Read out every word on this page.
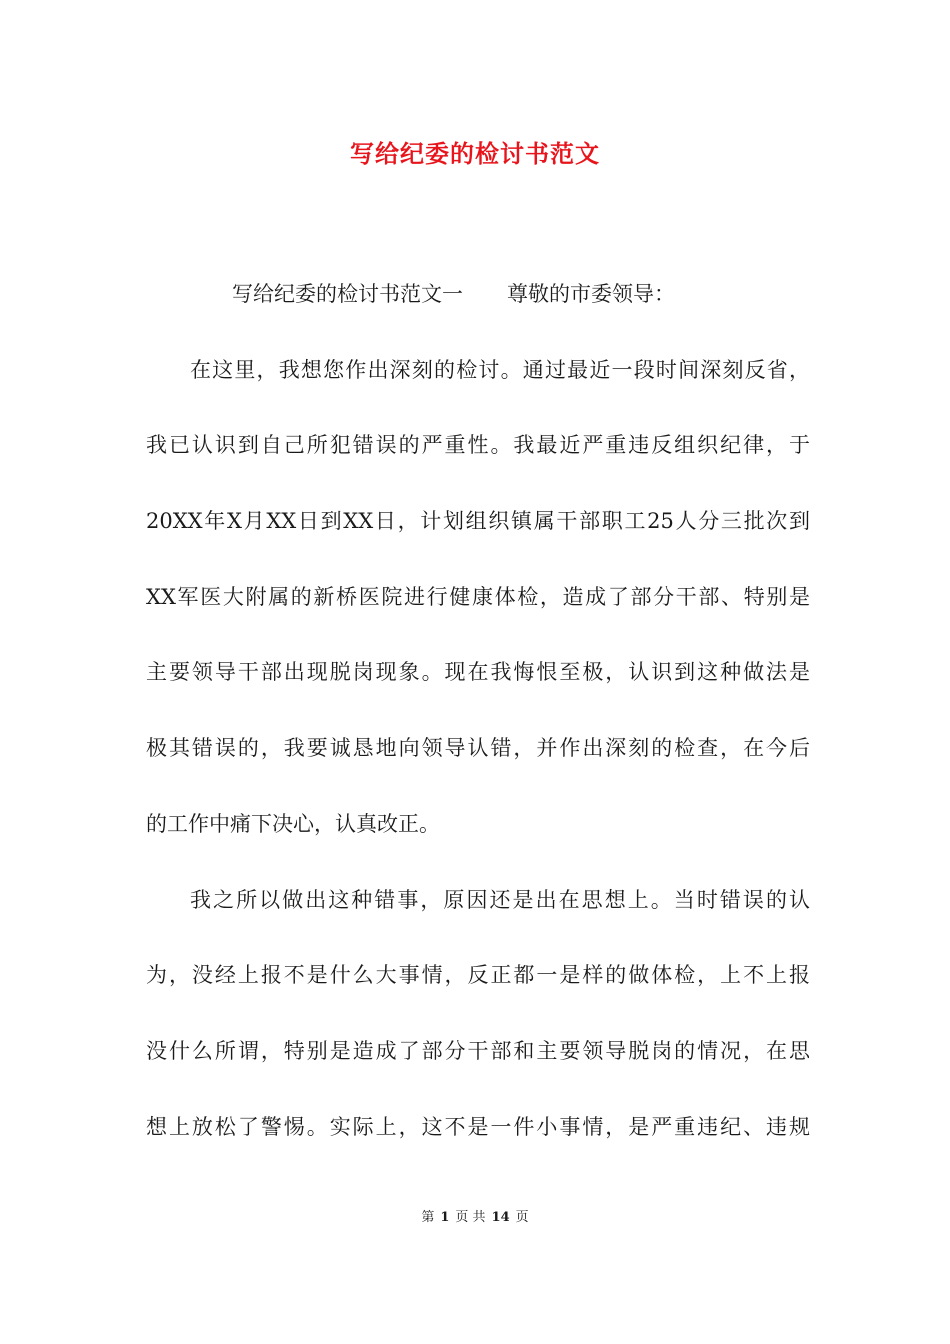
写给纪委的检讨书范文
写给纪委的检讨书范文一 尊敬的市委领导：
在这里，我想您作出深刻的检讨。通过最近一段时间深刻反省，
我已认识到自己所犯错误的严重性。我最近严重违反组织纪律，于
20XX年X月XX日到XX日，计划组织镇属干部职工25人分三批次到
XX军医大附属的新桥医院进行健康体检，造成了部分干部、特别是
主要领导干部出现脱岗现象。现在我悔恨至极，认识到这种做法是
极其错误的，我要诚恳地向领导认错，并作出深刻的检查，在今后
的工作中痛下决心，认真改正。
我之所以做出这种错事，原因还是出在思想上。当时错误的认
为，没经上报不是什么大事情，反正都一是样的做体检，上不上报
没什么所谓，特别是造成了部分干部和主要领导脱岗的情况，在思
想上放松了警惕。实际上，这不是一件小事情，是严重违纪、违规
第 1 页 共 14 页
